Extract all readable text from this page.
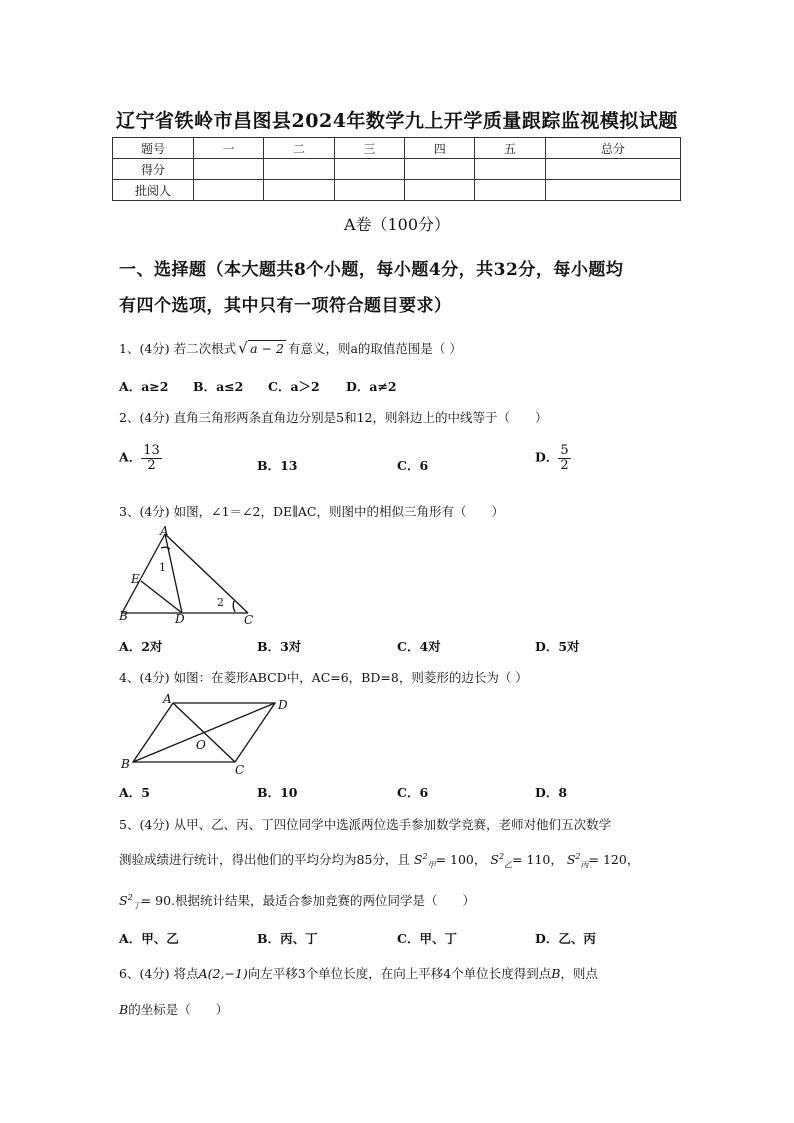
辽宁省铁岭市昌图县2024年数学九上开学质量跟踪监视模拟试题
题号	一	二	三	四	五	总分
得分						
批阅人						
A卷（100分）
一、选择题（本大题共8个小题，每小题4分，共32分，每小题均
有四个选项，其中只有一项符合题目要求）
1、(4分) 若二次根式 √ a − 2 有意义，则a的取值范围是（ ）
A．a≥2 B．a≤2 C．a＞2 D．a≠2
2、(4分) 直角三角形两条直角边分别是5和12，则斜边上的中线等于（　　）
A． $\frac{13}{2}$	B．13	C．6
D． $\frac{5}{2}$
3、(4分) 如图，∠1＝∠2，DE∥AC，则图中的相似三角形有（　　）
A
B	C
D
E
1
2
A．2对	B．3对	C．4对	D．5对
4、(4分) 如图：在菱形ABCD中，AC=6，BD=8，则菱形的边长为（ ）
A
B	C
D
O
A．5	B．10	C．6	D．8
5、(4分) 从甲、乙、丙、丁四位同学中选派两位选手参加数学竞赛，老师对他们五次数学
测验成绩进行统计，得出他们的平均分均为85分，且 $S^2_甲= 100$， $S^2_乙= 110$， $S^2_丙= 120$，
$S^2_丁= 90$.根据统计结果，最适合参加竞赛的两位同学是（　　）
A．甲、乙	B．丙、丁	C．甲、丁	D．乙、丙
6、(4分) 将点A(2,−1)向左平移3个单位长度，在向上平移4个单位长度得到点B，则点
B的坐标是（　　）
